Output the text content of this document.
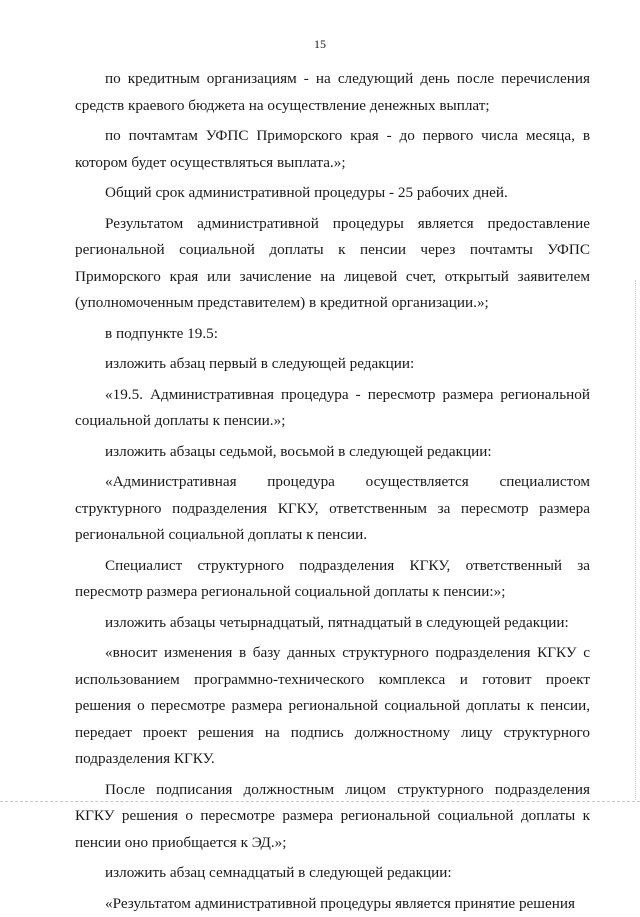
15

по кредитным организациям - на следующий день после перечисления средств краевого бюджета на осуществление денежных выплат;

по почтамтам УФПС Приморского края - до первого числа месяца, в котором будет осуществляться выплата.»;

Общий срок административной процедуры - 25 рабочих дней.

Результатом административной процедуры является предоставление региональной социальной доплаты к пенсии через почтамты УФПС Приморского края или зачисление на лицевой счет, открытый заявителем (уполномоченным представителем) в кредитной организации.»;

в подпункте 19.5:

изложить абзац первый в следующей редакции:

«19.5. Административная процедура - пересмотр размера региональной социальной доплаты к пенсии.»;

изложить абзацы седьмой, восьмой в следующей редакции:

«Административная процедура осуществляется специалистом структурного подразделения КГКУ, ответственным за пересмотр размера региональной социальной доплаты к пенсии.

Специалист структурного подразделения КГКУ, ответственный за пересмотр размера региональной социальной доплаты к пенсии:»;

изложить абзацы четырнадцатый, пятнадцатый в следующей редакции:

«вносит изменения в базу данных структурного подразделения КГКУ с использованием программно-технического комплекса и готовит проект решения о пересмотре размера региональной социальной доплаты к пенсии, передает проект решения на подпись должностному лицу структурного подразделения КГКУ.

После подписания должностным лицом структурного подразделения КГКУ решения о пересмотре размера региональной социальной доплаты к пенсии оно приобщается к ЭД.»;

изложить абзац семнадцатый в следующей редакции:

«Результатом административной процедуры является принятие решения
